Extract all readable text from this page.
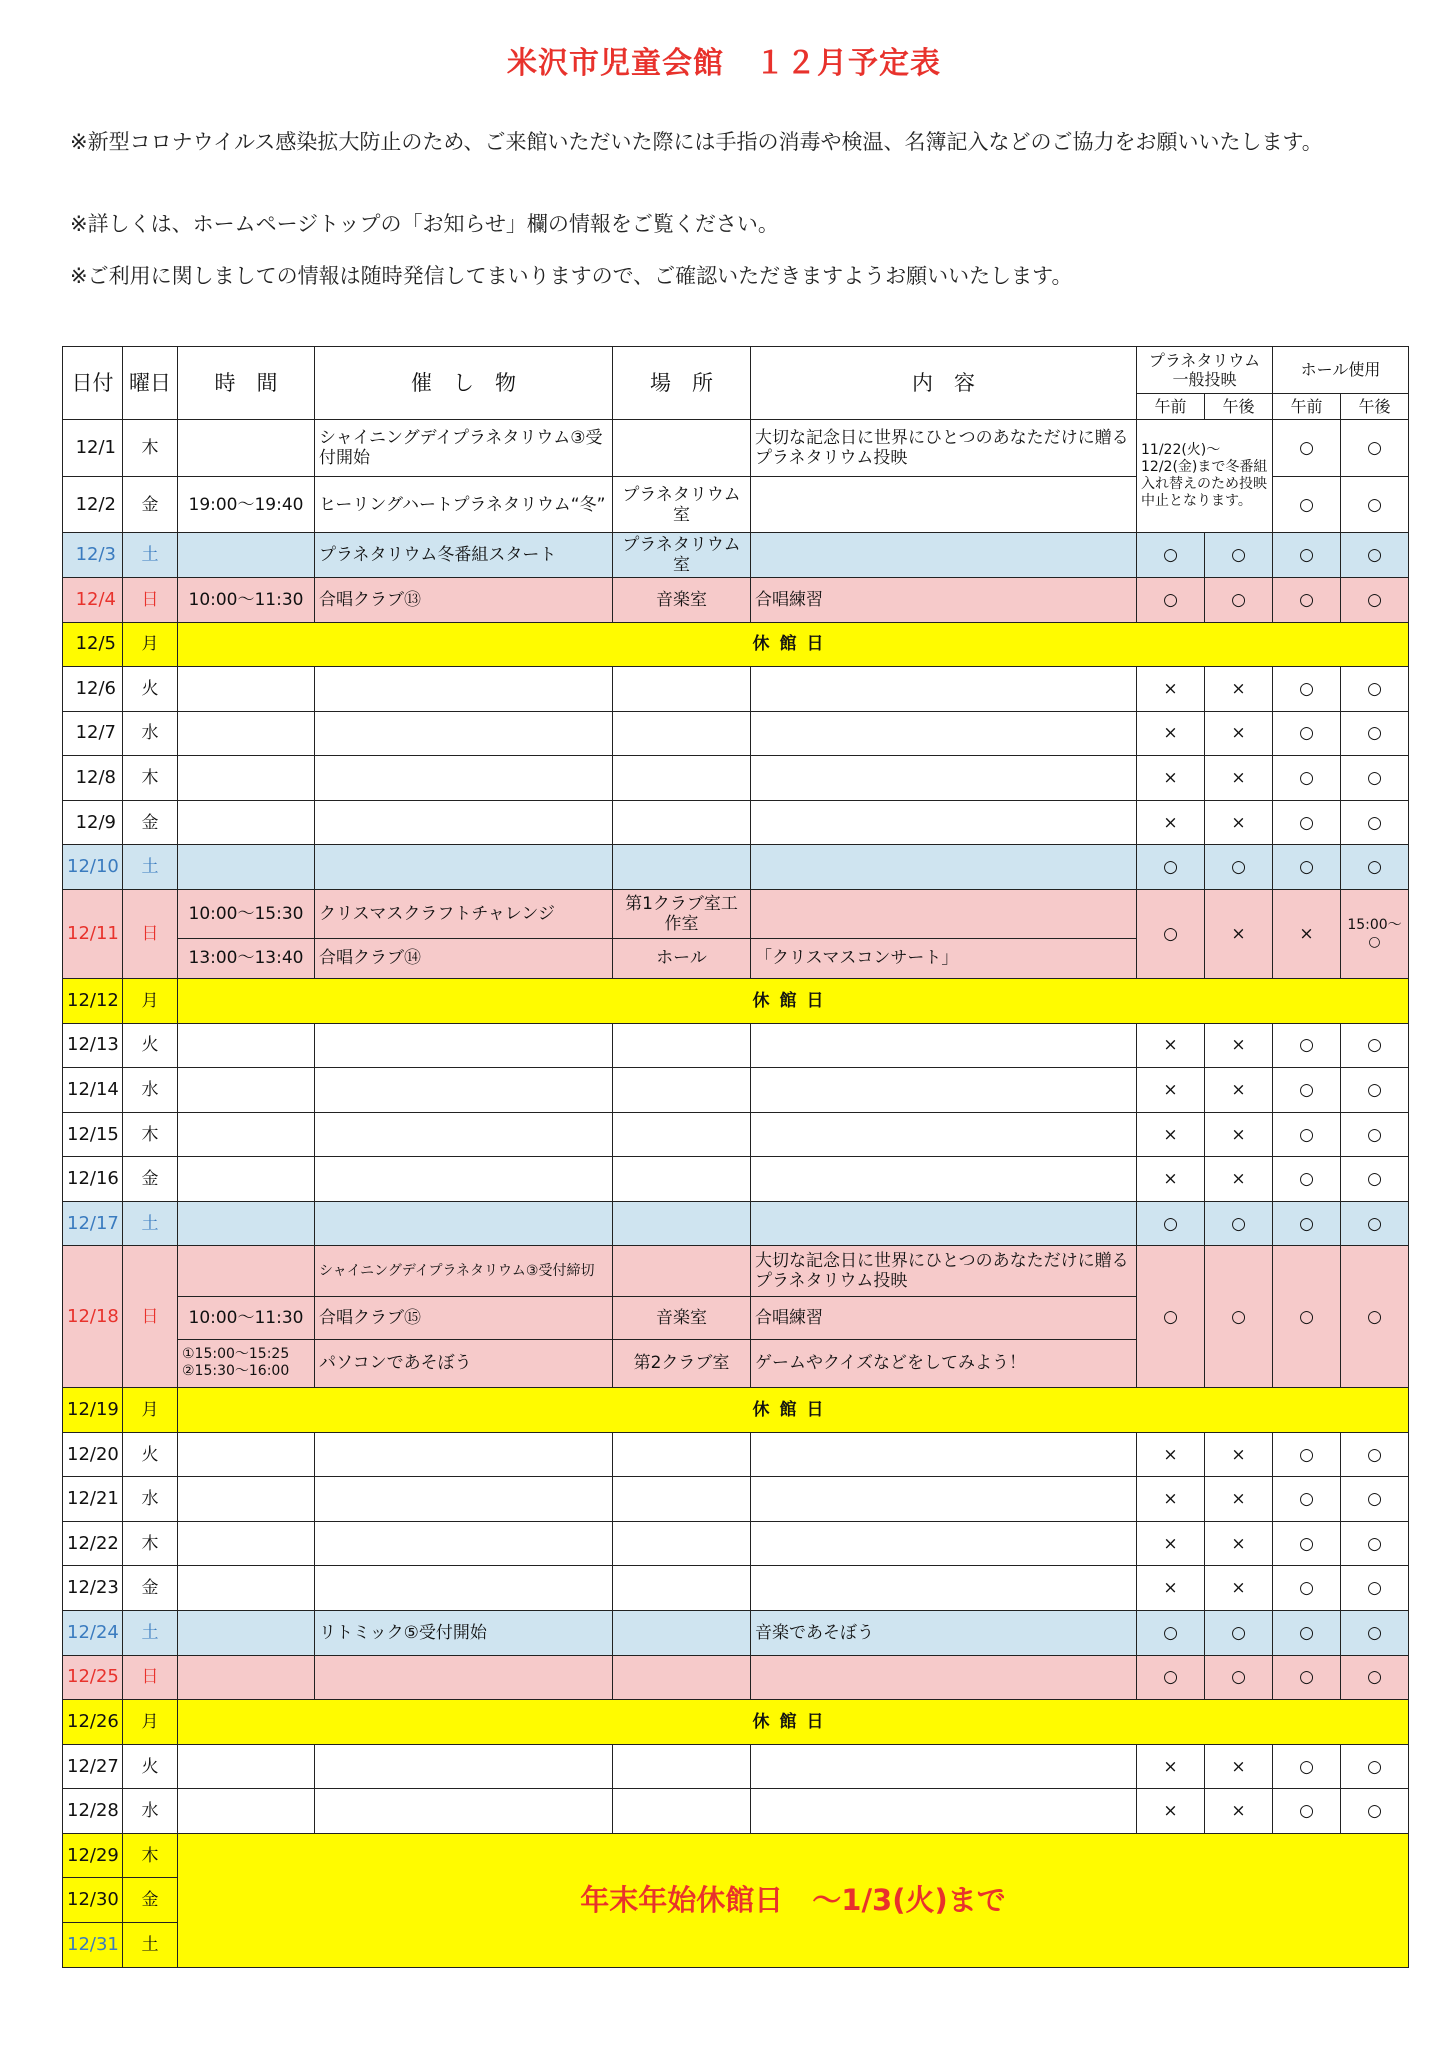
米沢市児童会館　１２月予定表
※新型コロナウイルス感染拡大防止のため、ご来館いただいた際には手指の消毒や検温、名簿記入などのご協力をお願いいたします。
※詳しくは、ホームページトップの「お知らせ」欄の情報をご覧ください。
※ご利用に関しましての情報は随時発信してまいりますので、ご確認いただきますようお願いいたします。
日付	曜日	時　間	催　し　物	場　所	内　容	プラネタリウム一般投映		ホール使用	
						午前	午後	午前	午後
12/1	木		シャイニングデイプラネタリウム③受付開始		大切な記念日に世界にひとつのあなただけに贈るプラネタリウム投映	11/22(火)～12/2(金)まで冬番組入れ替えのため投映中止となります。		○	○
12/2	金	19:00～19:40	ヒーリングハートプラネタリウム“冬”	プラネタリウム室				○	○
12/3	土		プラネタリウム冬番組スタート	プラネタリウム室		○	○	○	○
12/4	日	10:00～11:30	合唱クラブ⑬	音楽室	合唱練習	○	○	○	○
12/5	月	休館日							
12/6	火					×	×	○	○
12/7	水					×	×	○	○
12/8	木					×	×	○	○
12/9	金					×	×	○	○
12/10	土					○	○	○	○
12/11	日	10:00～15:30	クリスマスクラフトチャレンジ	第1クラブ室工作室		○	×	×	15:00～○
		13:00～13:40	合唱クラブ⑭	ホール	「クリスマスコンサート」				
12/12	月	休館日							
12/13	火					×	×	○	○
12/14	水					×	×	○	○
12/15	木					×	×	○	○
12/16	金					×	×	○	○
12/17	土					○	○	○	○
12/18	日		シャイニングデイプラネタリウム③受付締切		大切な記念日に世界にひとつのあなただけに贈るプラネタリウム投映	○	○	○	○
		10:00～11:30	合唱クラブ⑮	音楽室	合唱練習				
		①15:00～15:25 ②15:30～16:00	パソコンであそぼう	第2クラブ室	ゲームやクイズなどをしてみよう！				
12/19	月	休館日							
12/20	火					×	×	○	○
12/21	水					×	×	○	○
12/22	木					×	×	○	○
12/23	金					×	×	○	○
12/24	土		リトミック⑤受付開始		音楽であそぼう	○	○	○	○
12/25	日					○	○	○	○
12/26	月	休館日							
12/27	火					×	×	○	○
12/28	水					×	×	○	○
12/29	木	年末年始休館日　～1/3(火)まで							
12/30	金								
12/31	土								
